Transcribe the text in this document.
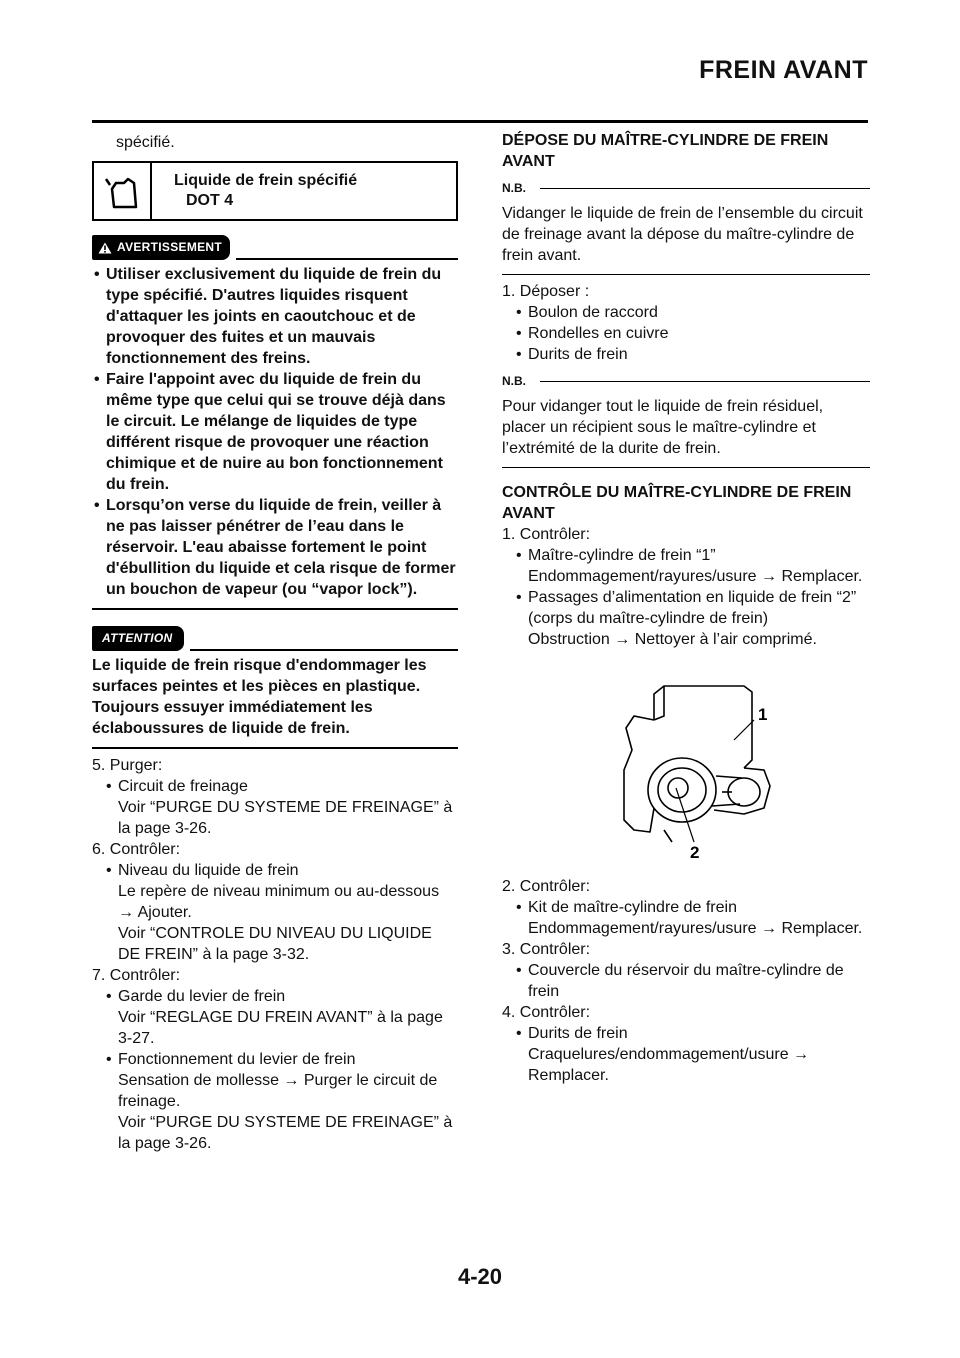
FREIN AVANT
spécifié.
Liquide de frein spécifié
DOT 4
AVERTISSEMENT
• Utiliser exclusivement du liquide de frein du type spécifié. D'autres liquides risquent d'attaquer les joints en caoutchouc et de provoquer des fuites et un mauvais fonctionnement des freins.
• Faire l'appoint avec du liquide de frein du même type que celui qui se trouve déjà dans le circuit. Le mélange de liquides de type différent risque de provoquer une réaction chimique et de nuire au bon fonctionnement du frein.
• Lorsqu’on verse du liquide de frein, veiller à ne pas laisser pénétrer de l’eau dans le réservoir. L'eau abaisse fortement le point d'ébullition du liquide et cela risque de former un bouchon de vapeur (ou “vapor lock”).
ATTENTION
Le liquide de frein risque d'endommager les surfaces peintes et les pièces en plastique. Toujours essuyer immédiatement les éclaboussures de liquide de frein.
5. Purger:
• Circuit de freinage
Voir “PURGE DU SYSTEME DE FREINAGE” à la page 3-26.
6. Contrôler:
• Niveau du liquide de frein
Le repère de niveau minimum ou au-dessous → Ajouter.
Voir “CONTROLE DU NIVEAU DU LIQUIDE DE FREIN” à la page 3-32.
7. Contrôler:
• Garde du levier de frein
Voir “REGLAGE DU FREIN AVANT” à la page 3-27.
• Fonctionnement du levier de frein
Sensation de mollesse → Purger le circuit de freinage.
Voir “PURGE DU SYSTEME DE FREINAGE” à la page 3-26.
DÉPOSE DU MAÎTRE-CYLINDRE DE FREIN AVANT
N.B.
Vidanger le liquide de frein de l’ensemble du circuit de freinage avant la dépose du maître-cylindre de frein avant.
1. Déposer :
• Boulon de raccord
• Rondelles en cuivre
• Durits de frein
N.B.
Pour vidanger tout le liquide de frein résiduel, placer un récipient sous le maître-cylindre et l’extrémité de la durite de frein.
CONTRÔLE DU MAÎTRE-CYLINDRE DE FREIN AVANT
1. Contrôler:
• Maître-cylindre de frein “1”
Endommagement/rayures/usure → Remplacer.
• Passages d’alimentation en liquide de frein “2”
(corps du maître-cylindre de frein)
Obstruction → Nettoyer à l’air comprimé.
1
2
2. Contrôler:
• Kit de maître-cylindre de frein
Endommagement/rayures/usure → Remplacer.
3. Contrôler:
• Couvercle du réservoir du maître-cylindre de frein
4. Contrôler:
• Durits de frein
Craquelures/endommagement/usure → Remplacer.
4-20
